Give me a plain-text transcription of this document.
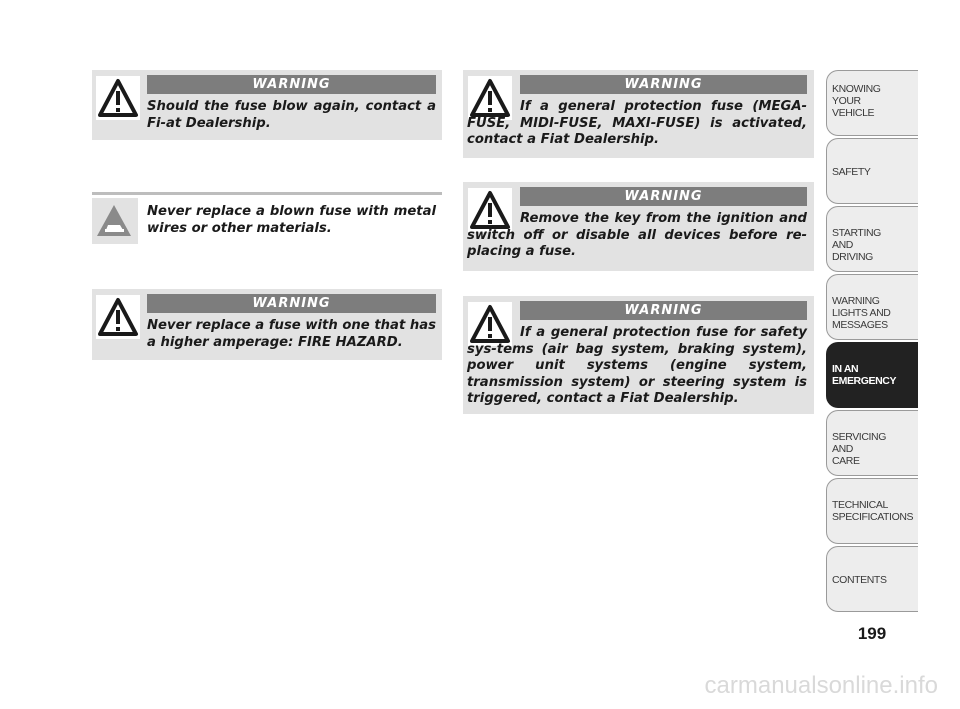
WARNING
Should the fuse blow again, contact a Fi-at Dealership.
Never replace a blown fuse with metal wires or other materials.
WARNING
Never replace a fuse with one that has a higher amperage: FIRE HAZARD.
WARNING
If a general protection fuse (MEGA-FUSE, MIDI-FUSE, MAXI-FUSE) is activated, contact a Fiat Dealership.
WARNING
Remove the key from the ignition and switch off or disable all devices before re-placing a fuse.
WARNING
If a general protection fuse for safety sys-tems (air bag system, braking system), power unit systems (engine system, transmission system) or steering system is triggered, contact a Fiat Dealership.
KNOWING YOUR VEHICLE
SAFETY
STARTING AND DRIVING
WARNING LIGHTS AND MESSAGES
IN AN EMERGENCY
SERVICING AND CARE
TECHNICAL SPECIFICATIONS
CONTENTS
199
carmanualsonline.info
